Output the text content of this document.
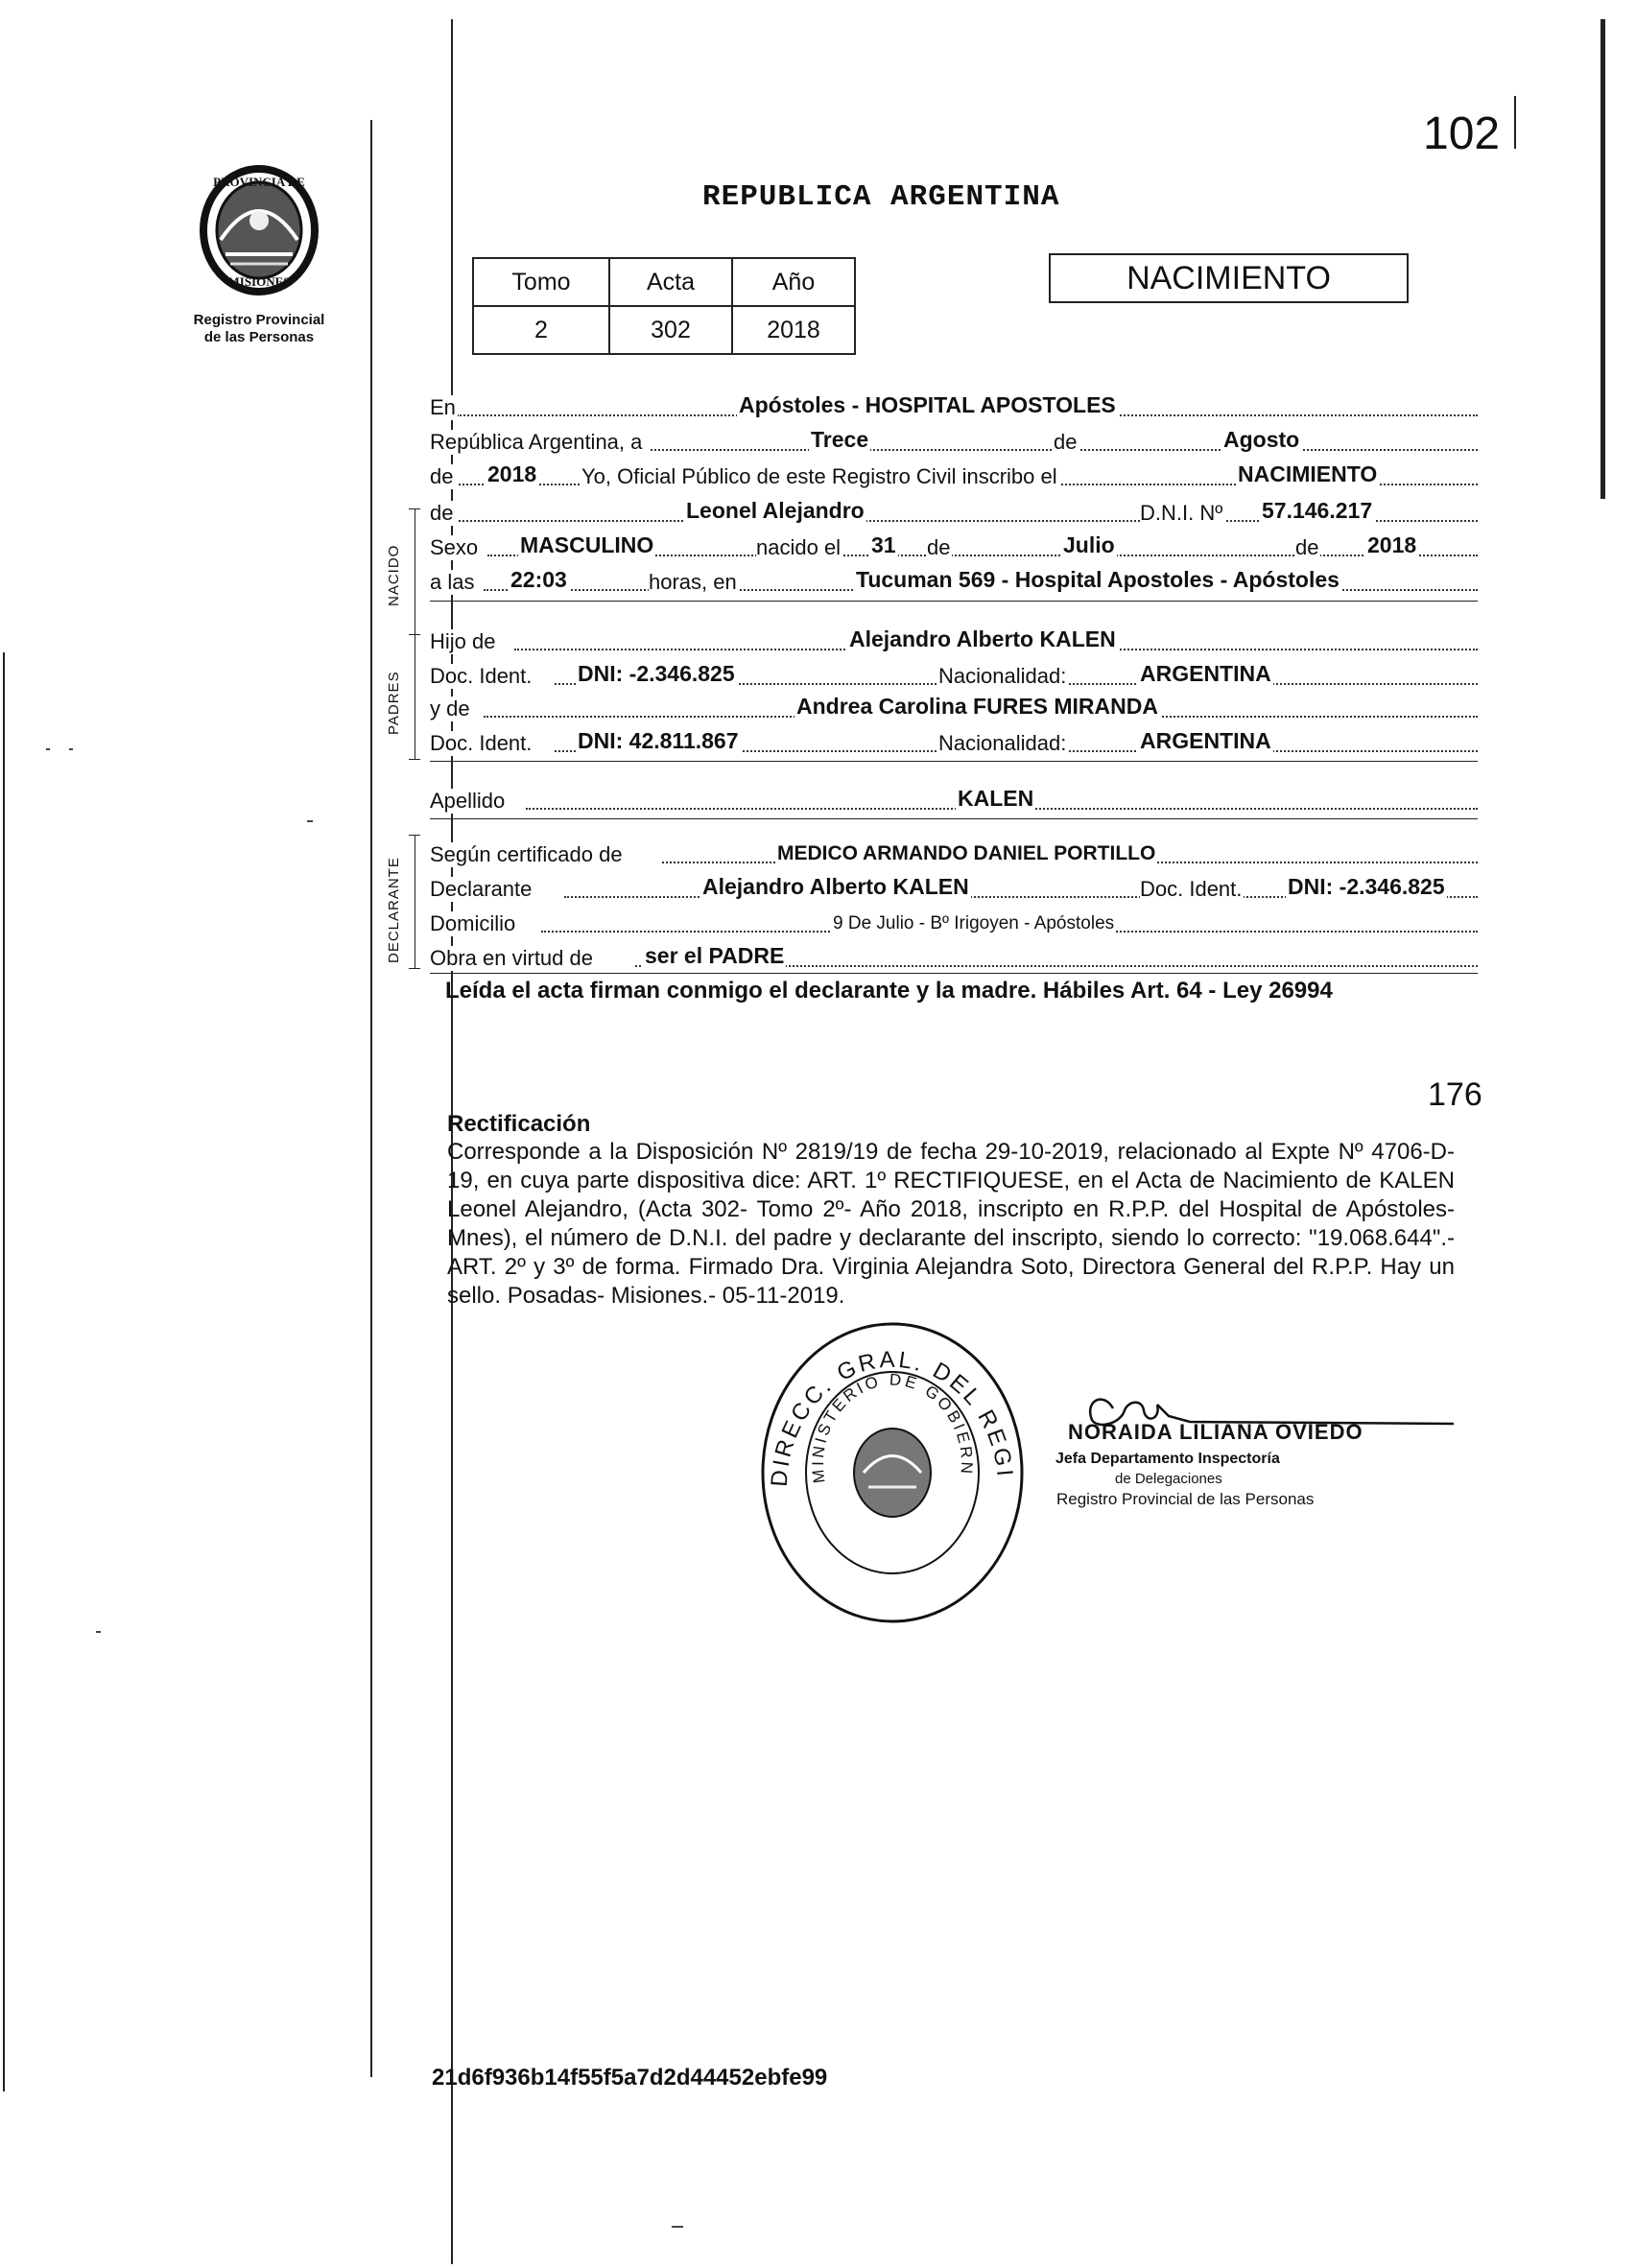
102
PROVINCIA DE
MISIONES
Registro Provincial
de las Personas
REPUBLICA ARGENTINA
Tomo	Acta	Año
2	302	2018
NACIMIENTO
NACIDO
PADRES
DECLARANTE
En	Apóstoles - HOSPITAL APOSTOLES
República Argentina, a	Trece	de	Agosto
de 2018 Yo, Oficial Público de este Registro Civil inscribo el	NACIMIENTO
de	Leonel Alejandro	D.N.I. Nº 57.146.217
Sexo MASCULINO	nacido el 31 de	Julio	de 2018
a las 22:03	horas, en	Tucuman 569 - Hospital Apostoles - Apóstoles
Hijo de	Alejandro Alberto KALEN
Doc. Ident. DNI: -2.346.825	Nacionalidad:	ARGENTINA
y de	Andrea Carolina FURES MIRANDA
Doc. Ident. DNI: 42.811.867	Nacionalidad:	ARGENTINA
Apellido	KALEN
Según certificado de	MEDICO ARMANDO DANIEL PORTILLO
Declarante	Alejandro Alberto KALEN	Doc. Ident. DNI: -2.346.825
Domicilio	9 De Julio - Bº Irigoyen - Apóstoles
Obra en virtud de ser el PADRE
Leída el acta firman conmigo el declarante y la madre. Hábiles Art. 64 - Ley 26994
176
Rectificación
Corresponde a la Disposición Nº 2819/19 de fecha 29-10-2019, relacionado al Expte Nº 4706-D-19, en cuya parte dispositiva dice: ART. 1º RECTIFIQUESE, en el Acta de Nacimiento de KALEN Leonel Alejandro, (Acta 302- Tomo 2º- Año 2018, inscripto en R.P.P. del Hospital de Apóstoles-Mnes), el número de D.N.I. del padre y declarante del inscripto, siendo lo correcto: "19.068.644".- ART. 2º y 3º de forma. Firmado Dra. Virginia Alejandra Soto, Directora General del R.P.P. Hay un sello. Posadas- Misiones.- 05-11-2019.
DIRECC. GRAL. DEL REGI
MINISTERIO DE GOBIERN
NORAIDA LILIANA OVIEDO
Jefa Departamento Inspectoría
de Delegaciones
Registro Provincial de las Personas
21d6f936b14f55f5a7d2d44452ebfe99
